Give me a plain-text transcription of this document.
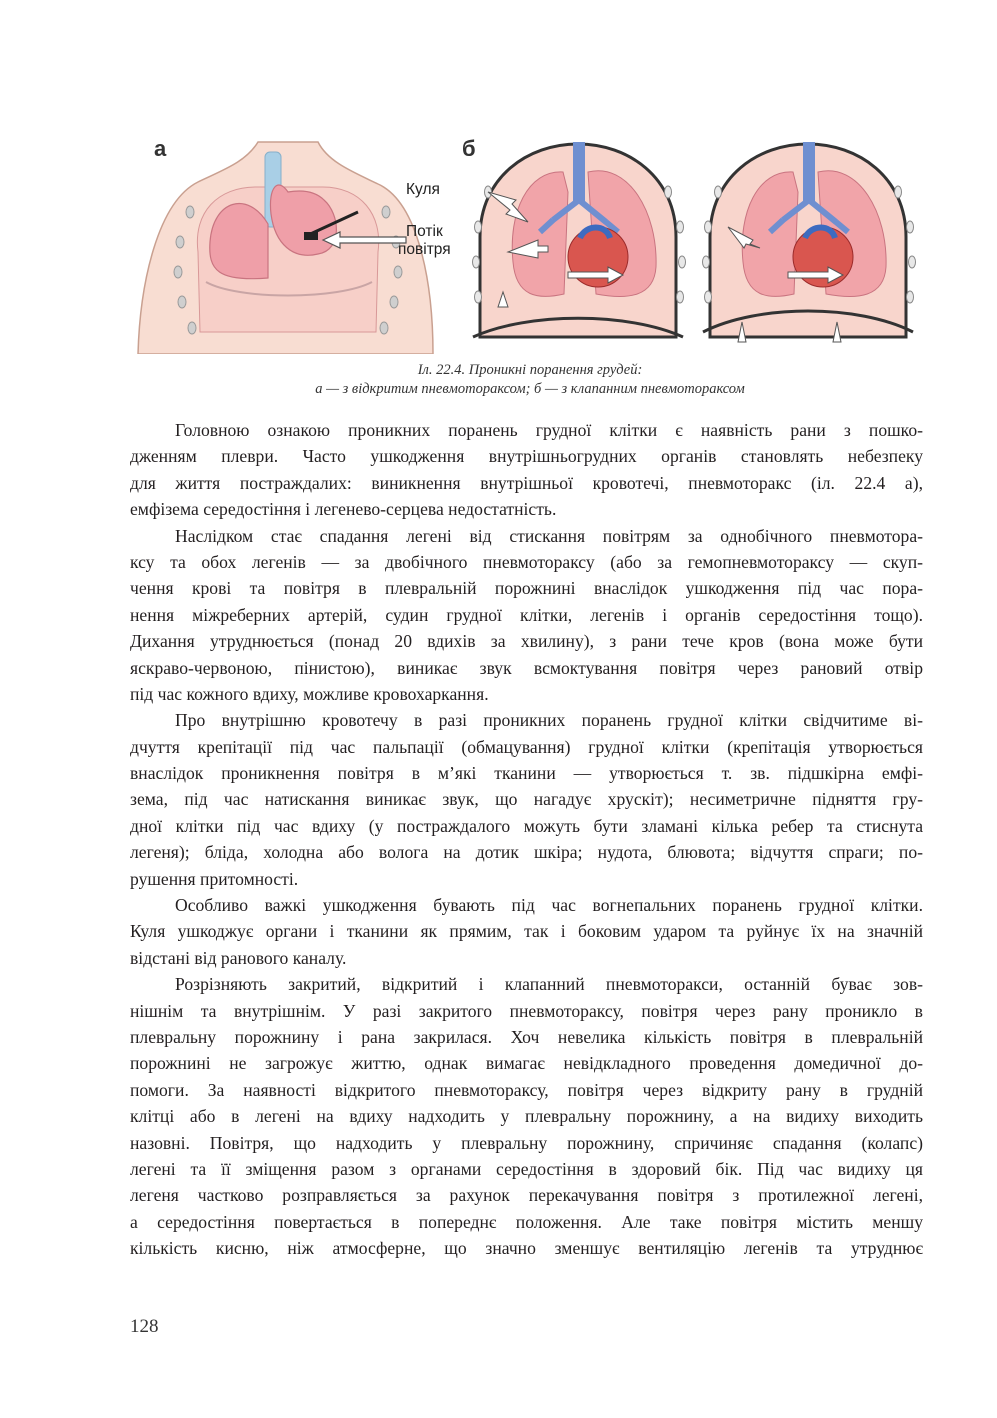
а
Куля
Потік
повітря
б
Іл. 22.4. Проникні поранення грудей:
а — з відкритим пневмотораксом; б — з клапанним пневмотораксом
Головною ознакою проникних поранень грудної клітки є наявність рани з пошко-
дженням плеври. Часто ушкодження внутрішньогрудних органів становлять небезпеку
для життя постраждалих: виникнення внутрішньої кровотечі, пневмоторакс (іл. 22.4 а),
емфізема середостіння і легенево-серцева недостатність.
Наслідком стає спадання легені від стискання повітрям за однобічного пневмотора-
ксу та обох легенів — за двобічного пневмотораксу (або за гемопневмотораксу — скуп-
чення крові та повітря в плевральній порожнині внаслідок ушкодження під час пора-
нення міжреберних артерій, судин грудної клітки, легенів і органів середостіння тощо).
Дихання утруднюється (понад 20 вдихів за хвилину), з рани тече кров (вона може бути
яскраво-червоною, пінистою), виникає звук всмоктування повітря через рановий отвір
під час кожного вдиху, можливе кровохаркання.
Про внутрішню кровотечу в разі проникних поранень грудної клітки свідчитиме ві-
дчуття крепітації під час пальпації (обмацування) грудної клітки (крепітація утворюється
внаслідок проникнення повітря в м’які тканини — утворюється т. зв. підшкірна емфі-
зема, під час натискання виникає звук, що нагадує хрускіт); несиметричне підняття гру-
дної клітки під час вдиху (у постраждалого можуть бути зламані кілька ребер та стиснута
легеня); бліда, холодна або волога на дотик шкіра; нудота, блювота; відчуття спраги; по-
рушення притомності.
Особливо важкі ушкодження бувають під час вогнепальних поранень грудної клітки.
Куля ушкоджує органи і тканини як прямим, так і боковим ударом та руйнує їх на значній
відстані від ранового каналу.
Розрізняють закритий, відкритий і клапанний пневмоторакси, останній буває зов-
нішнім та внутрішнім. У разі закритого пневмотораксу, повітря через рану проникло в
плевральну порожнину і рана закрилася. Хоч невелика кількість повітря в плевральній
порожнині не загрожує життю, однак вимагає невідкладного проведення домедичної до-
помоги. За наявності відкритого пневмотораксу, повітря через відкриту рану в грудній
клітці або в легені на вдиху надходить у плевральну порожнину, а на видиху виходить
назовні. Повітря, що надходить у плевральну порожнину, спричиняє спадання (колапс)
легені та її зміщення разом з органами середостіння в здоровий бік. Під час видиху ця
легеня частково розправляється за рахунок перекачування повітря з протилежної легені,
а середостіння повертається в попереднє положення. Але таке повітря містить меншу
кількість кисню, ніж атмосферне, що значно зменшує вентиляцію легенів та утруднює
128
